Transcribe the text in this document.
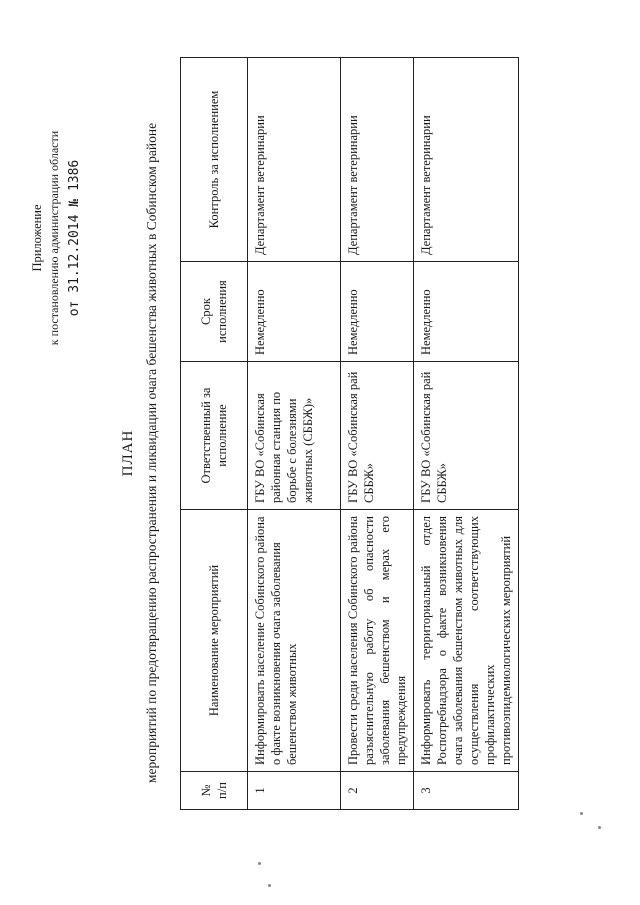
Приложение к постановлению администрации области от 31.12.2014 № 1386
ПЛАН мероприятий по предотвращению распространения и ликвидации очага бешенства животных в Собинском районе
№ п/п	Наименование мероприятий	Ответственный за исполнение	Срок исполнения	Контроль за исполнением
1	Информировать население Собинского района о факте возникновения очага заболевания бешенством животных	ГБУ ВО «Собинская районная станция по борьбе с болезнями животных (СББЖ)»	Немедленно	Департамент ветеринарии
2	Провести среди населения Собинского района разъяснительную работу об опасности заболевания бешенством и мерах его предупреждения	ГБУ ВО «Собинская рай СББЖ»	Немедленно	Департамент ветеринарии
3	Информировать территориальный отдел Роспотребнадзора о факте возникновения очага заболевания бешенством животных для осуществления соответствующих профилактических противоэпидемиологических мероприятий	ГБУ ВО «Собинская рай СББЖ»	Немедленно	Департамент ветеринарии
